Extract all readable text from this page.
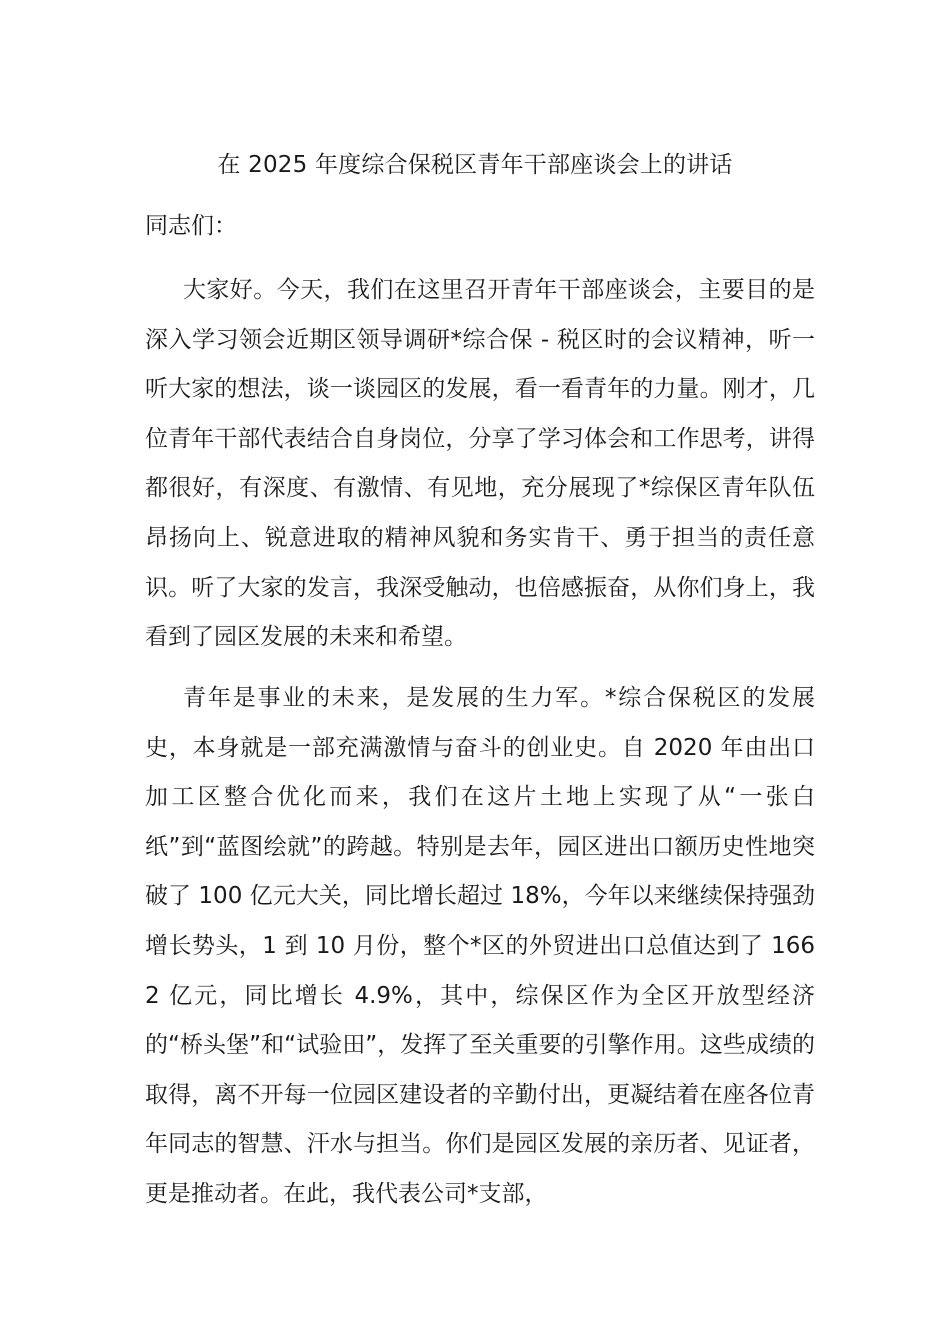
在 2025 年度综合保税区青年干部座谈会上的讲话
同志们：

大家好。今天，我们在这里召开青年干部座谈会，主要目的是深入学习领会近期区领导调研*综合保 - 税区时的会议精神，听一听大家的想法，谈一谈园区的发展，看一看青年的力量。刚才，几位青年干部代表结合自身岗位，分享了学习体会和工作思考，讲得都很好，有深度、有激情、有见地，充分展现了*综保区青年队伍昂扬向上、锐意进取的精神风貌和务实肯干、勇于担当的责任意识。听了大家的发言，我深受触动，也倍感振奋，从你们身上，我看到了园区发展的未来和希望。

青年是事业的未来，是发展的生力军。*综合保税区的发展史，本身就是一部充满激情与奋斗的创业史。自 2020 年由出口加工区整合优化而来，我们在这片土地上实现了从“一张白纸”到“蓝图绘就”的跨越。特别是去年，园区进出口额历史性地突破了 100 亿元大关，同比增长超过 18%，今年以来继续保持强劲增长势头，1 到 10 月份，整个*区的外贸进出口总值达到了 1662 亿元，同比增长 4.9%，其中，综保区作为全区开放型经济的“桥头堡”和“试验田”，发挥了至关重要的引擎作用。这些成绩的取得，离不开每一位园区建设者的辛勤付出，更凝结着在座各位青年同志的智慧、汗水与担当。你们是园区发展的亲历者、见证者，更是推动者。在此，我代表公司*支部，
